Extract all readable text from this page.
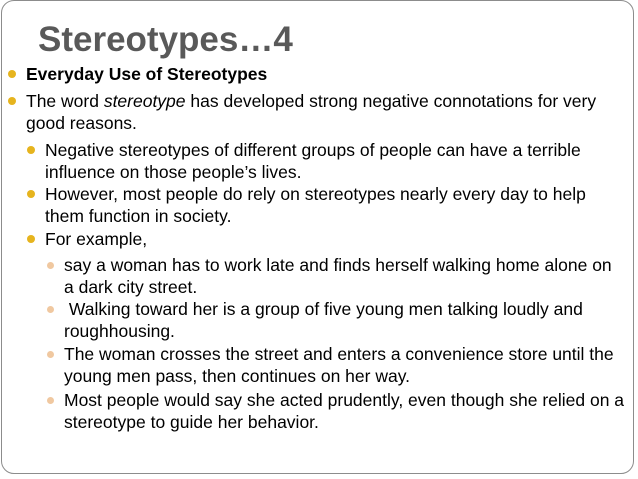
Stereotypes…4
Everyday Use of Stereotypes
The word stereotype has developed strong negative connotations for very good reasons.
Negative stereotypes of different groups of people can have a terrible influence on those people’s lives.
However, most people do rely on stereotypes nearly every day to help them function in society.
For example,
say a woman has to work late and finds herself walking home alone on a dark city street.
Walking toward her is a group of five young men talking loudly and roughhousing.
The woman crosses the street and enters a convenience store until the young men pass, then continues on her way.
Most people would say she acted prudently, even though she relied on a stereotype to guide her behavior.
